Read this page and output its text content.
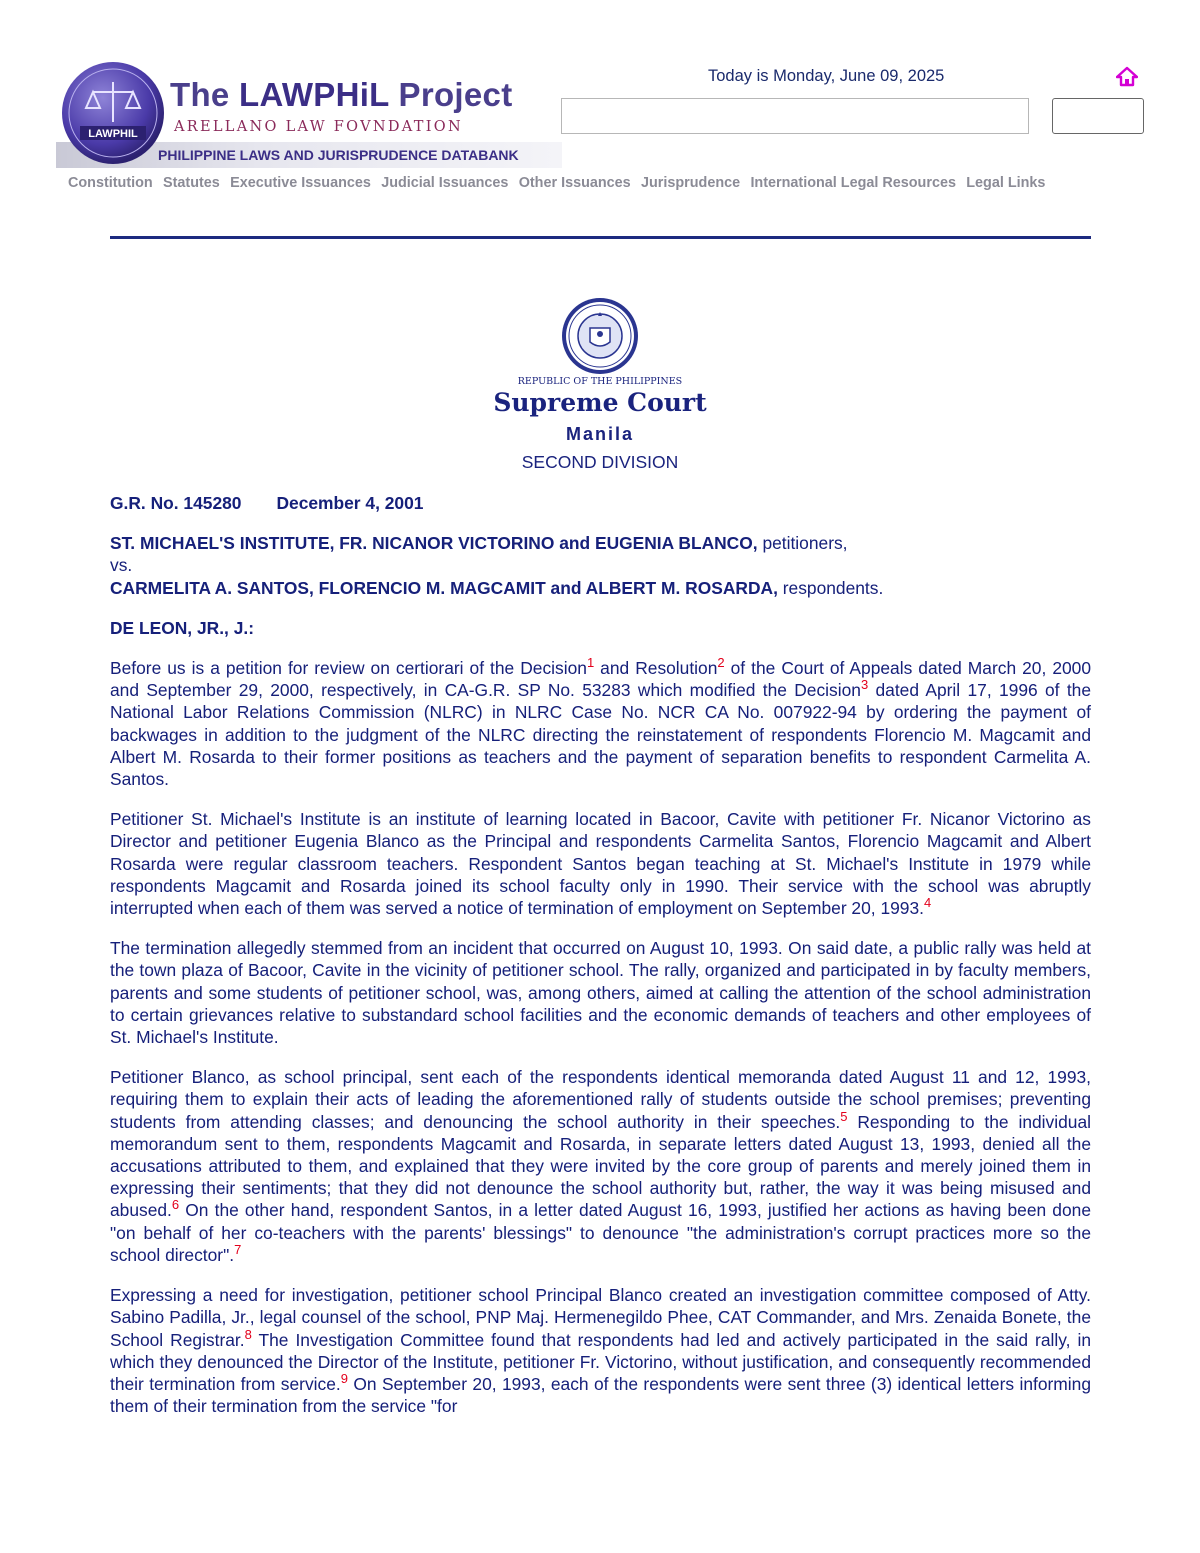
LAWPHIL
The LAWPHiL Project
ARELLANO LAW FOVNDATION
PHILIPPINE LAWS AND JURISPRUDENCE DATABANK
Today is Monday, June 09, 2025
Constitution Statutes Executive Issuances Judicial Issuances Other Issuances Jurisprudence International Legal Resources Legal Links
REPUBLIC OF THE PHILIPPINES
Supreme Court
Manila
SECOND DIVISION

G.R. No. 145280 December 4, 2001

ST. MICHAEL'S INSTITUTE, FR. NICANOR VICTORINO and EUGENIA BLANCO, petitioners,
vs.
CARMELITA A. SANTOS, FLORENCIO M. MAGCAMIT and ALBERT M. ROSARDA, respondents.

DE LEON, JR., J.:

Before us is a petition for review on certiorari of the Decision$^1$ and Resolution$^2$ of the Court of Appeals dated March 20, 2000 and September 29, 2000, respectively, in CA-G.R. SP No. 53283 which modified the Decision$^3$ dated April 17, 1996 of the National Labor Relations Commission (NLRC) in NLRC Case No. NCR CA No. 007922-94 by ordering the payment of backwages in addition to the judgment of the NLRC directing the reinstatement of respondents Florencio M. Magcamit and Albert M. Rosarda to their former positions as teachers and the payment of separation benefits to respondent Carmelita A. Santos.

Petitioner St. Michael's Institute is an institute of learning located in Bacoor, Cavite with petitioner Fr. Nicanor Victorino as Director and petitioner Eugenia Blanco as the Principal and respondents Carmelita Santos, Florencio Magcamit and Albert Rosarda were regular classroom teachers. Respondent Santos began teaching at St. Michael's Institute in 1979 while respondents Magcamit and Rosarda joined its school faculty only in 1990. Their service with the school was abruptly interrupted when each of them was served a notice of termination of employment on September 20, 1993.$^4$

The termination allegedly stemmed from an incident that occurred on August 10, 1993. On said date, a public rally was held at the town plaza of Bacoor, Cavite in the vicinity of petitioner school. The rally, organized and participated in by faculty members, parents and some students of petitioner school, was, among others, aimed at calling the attention of the school administration to certain grievances relative to substandard school facilities and the economic demands of teachers and other employees of St. Michael's Institute.

Petitioner Blanco, as school principal, sent each of the respondents identical memoranda dated August 11 and 12, 1993, requiring them to explain their acts of leading the aforementioned rally of students outside the school premises; preventing students from attending classes; and denouncing the school authority in their speeches.$^5$ Responding to the individual memorandum sent to them, respondents Magcamit and Rosarda, in separate letters dated August 13, 1993, denied all the accusations attributed to them, and explained that they were invited by the core group of parents and merely joined them in expressing their sentiments; that they did not denounce the school authority but, rather, the way it was being misused and abused.$^6$ On the other hand, respondent Santos, in a letter dated August 16, 1993, justified her actions as having been done "on behalf of her co-teachers with the parents' blessings" to denounce "the administration's corrupt practices more so the school director".$^7$

Expressing a need for investigation, petitioner school Principal Blanco created an investigation committee composed of Atty. Sabino Padilla, Jr., legal counsel of the school, PNP Maj. Hermenegildo Phee, CAT Commander, and Mrs. Zenaida Bonete, the School Registrar.$^8$ The Investigation Committee found that respondents had led and actively participated in the said rally, in which they denounced the Director of the Institute, petitioner Fr. Victorino, without justification, and consequently recommended their termination from service.$^9$ On September 20, 1993, each of the respondents were sent three (3) identical letters informing them of their termination from the service "for
